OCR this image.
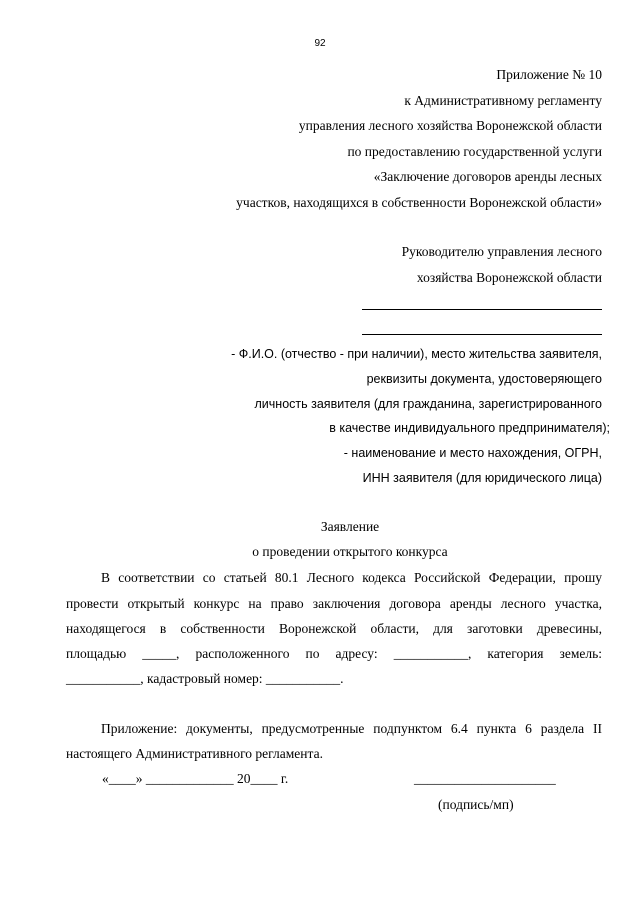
92
Приложение № 10
к Административному регламенту
управления лесного хозяйства Воронежской области
по предоставлению государственной услуги
«Заключение договоров аренды лесных
участков, находящихся в собственности Воронежской области»
Руководителю управления лесного
хозяйства Воронежской области
- Ф.И.О. (отчество - при наличии), место жительства заявителя,
реквизиты документа, удостоверяющего
личность заявителя (для гражданина, зарегистрированного
в качестве индивидуального предпринимателя);
- наименование и место нахождения, ОГРН,
ИНН заявителя (для юридического лица)
Заявление
о проведении открытого конкурса
В соответствии со статьей 80.1 Лесного кодекса Российской Федерации, прошу
провести открытый конкурс на право заключения договора аренды лесного участка,
находящегося в собственности Воронежской области, для заготовки древесины,
площадью _____, расположенного по адресу: ___________, категория земель:
___________, кадастровый номер: ___________.
Приложение: документы, предусмотренные подпунктом 6.4 пункта 6 раздела II
настоящего Административного регламента.
«____» _____________ 20____ г.	_____________________
(подпись/мп)
